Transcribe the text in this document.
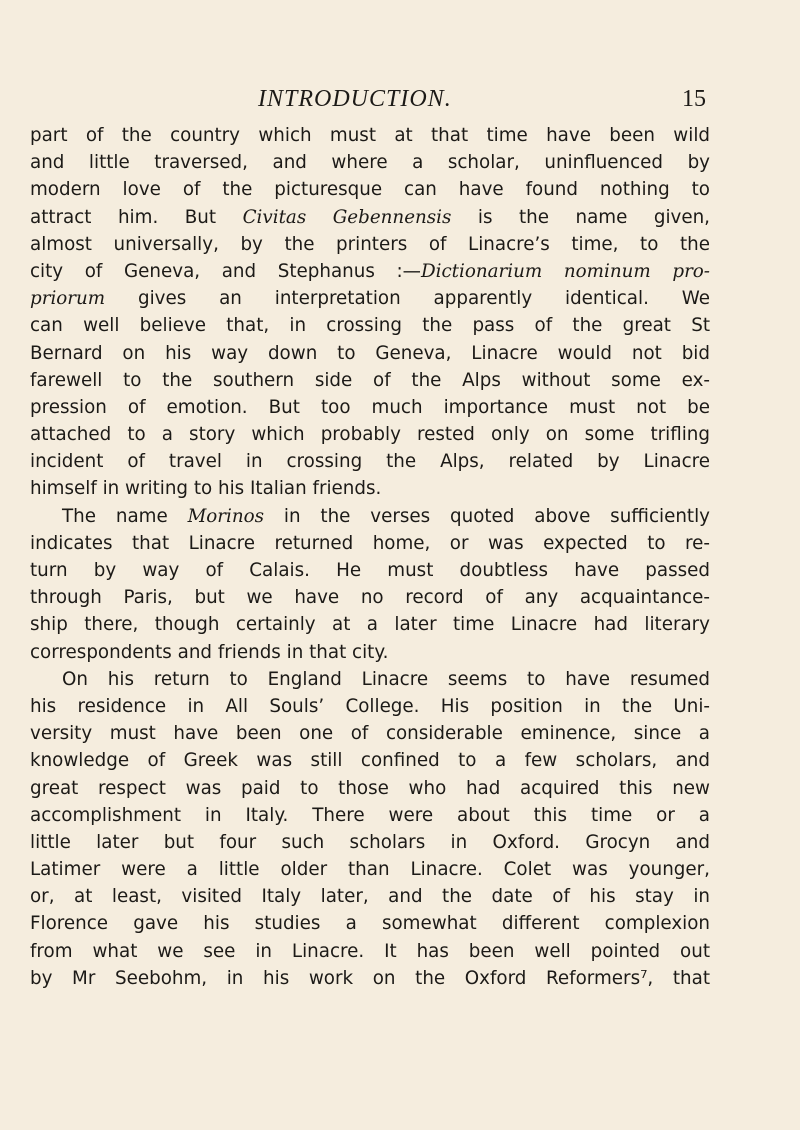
INTRODUCTION.	15
part of the country which must at that time have been wild
and little traversed, and where a scholar, uninfluenced by
modern love of the picturesque can have found nothing to
attract him. But Civitas Gebennensis is the name given,
almost universally, by the printers of Linacre’s time, to the
city of Geneva, and Stephanus :—Dictionarium nominum pro-
priorum gives an interpretation apparently identical. We
can well believe that, in crossing the pass of the great St
Bernard on his way down to Geneva, Linacre would not bid
farewell to the southern side of the Alps without some ex-
pression of emotion. But too much importance must not be
attached to a story which probably rested only on some trifling
incident of travel in crossing the Alps, related by Linacre
himself in writing to his Italian friends.
The name Morinos in the verses quoted above sufficiently
indicates that Linacre returned home, or was expected to re-
turn by way of Calais. He must doubtless have passed
through Paris, but we have no record of any acquaintance-
ship there, though certainly at a later time Linacre had literary
correspondents and friends in that city.
On his return to England Linacre seems to have resumed
his residence in All Souls’ College. His position in the Uni-
versity must have been one of considerable eminence, since a
knowledge of Greek was still confined to a few scholars, and
great respect was paid to those who had acquired this new
accomplishment in Italy. There were about this time or a
little later but four such scholars in Oxford. Grocyn and
Latimer were a little older than Linacre. Colet was younger,
or, at least, visited Italy later, and the date of his stay in
Florence gave his studies a somewhat different complexion
from what we see in Linacre. It has been well pointed out
by Mr Seebohm, in his work on the Oxford Reformers⁷, that
